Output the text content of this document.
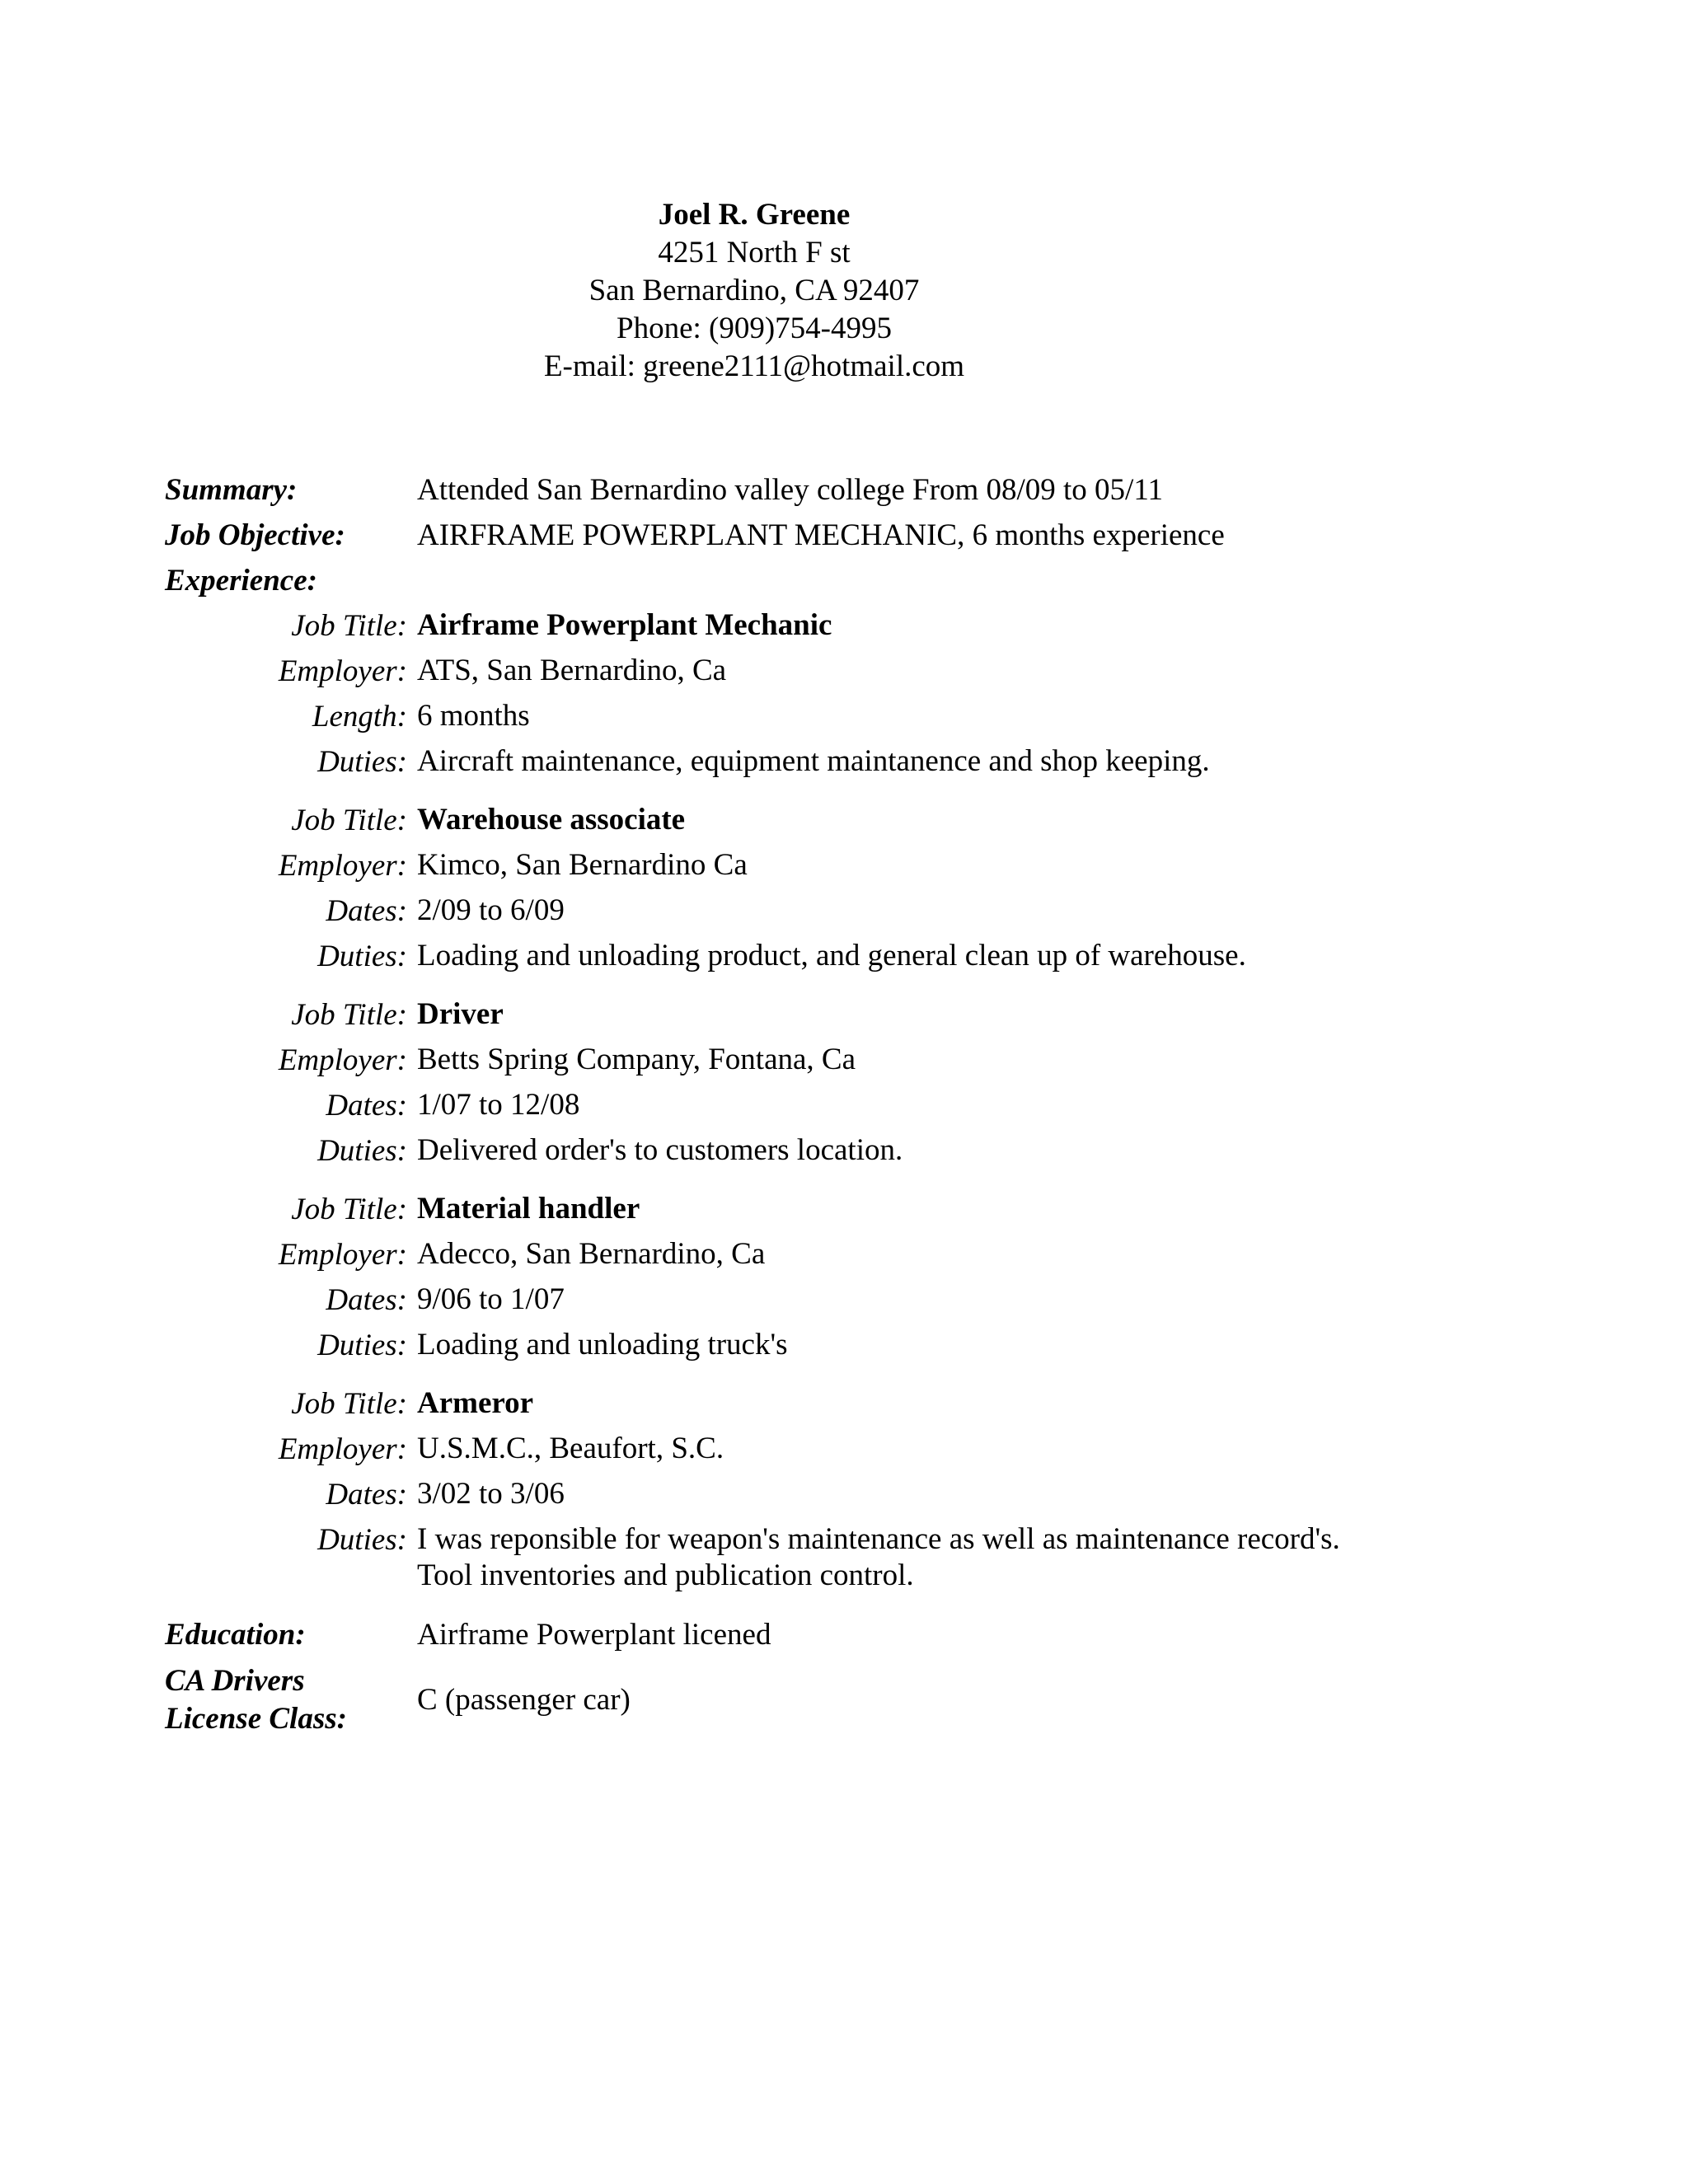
Joel R. Greene
4251 North F st
San Bernardino, CA 92407
Phone: (909)754-4995
E-mail: greene2111@hotmail.com
Summary:	Attended San Bernardino valley college From 08/09 to 05/11
Job Objective: AIRFRAME POWERPLANT MECHANIC, 6 months experience
Experience:
Job Title: Airframe Powerplant Mechanic
Employer: ATS, San Bernardino, Ca
Length: 6 months
Duties: Aircraft maintenance, equipment maintanence and shop keeping.
Job Title: Warehouse associate
Employer: Kimco, San Bernardino Ca
Dates: 2/09 to 6/09
Duties: Loading and unloading product, and general clean up of warehouse.
Job Title: Driver
Employer: Betts Spring Company, Fontana, Ca
Dates: 1/07 to 12/08
Duties: Delivered order's to customers location.
Job Title: Material handler
Employer: Adecco, San Bernardino, Ca
Dates: 9/06 to 1/07
Duties: Loading and unloading truck's
Job Title: Armeror
Employer: U.S.M.C., Beaufort, S.C.
Dates: 3/02 to 3/06
Duties: I was reponsible for weapon's maintenance as well as maintenance record's. Tool inventories and publication control.
Education:	Airframe Powerplant licened
CA Drivers
License Class:
C (passenger car)
